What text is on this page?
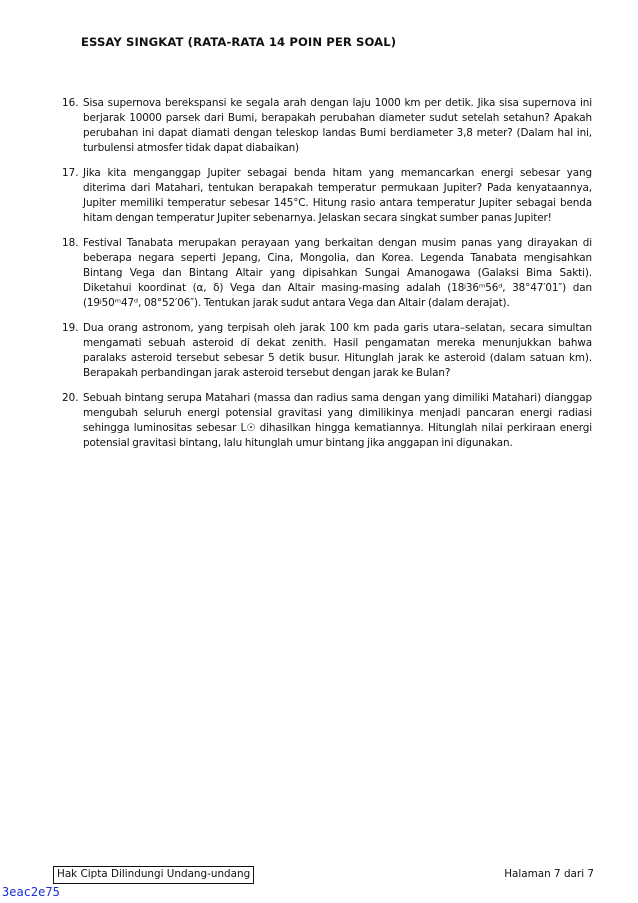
ESSAY SINGKAT (RATA-RATA 14 POIN PER SOAL)
16. Sisa supernova berekspansi ke segala arah dengan laju 1000 km per detik. Jika sisa supernova ini berjarak 10000 parsek dari Bumi, berapakah perubahan diameter sudut setelah setahun? Apakah perubahan ini dapat diamati dengan teleskop landas Bumi berdiameter 3,8 meter? (Dalam hal ini, turbulensi atmosfer tidak dapat diabaikan)
17. Jika kita menganggap Jupiter sebagai benda hitam yang memancarkan energi sebesar yang diterima dari Matahari, tentukan berapakah temperatur permukaan Jupiter? Pada kenyataannya, Jupiter memiliki temperatur sebesar 145°C. Hitung rasio antara temperatur Jupiter sebagai benda hitam dengan temperatur Jupiter sebenarnya. Jelaskan secara singkat sumber panas Jupiter!
18. Festival Tanabata merupakan perayaan yang berkaitan dengan musim panas yang dirayakan di beberapa negara seperti Jepang, Cina, Mongolia, dan Korea. Legenda Tanabata mengisahkan Bintang Vega dan Bintang Altair yang dipisahkan Sungai Amanogawa (Galaksi Bima Sakti). Diketahui koordinat (α, δ) Vega dan Altair masing-masing adalah (18ʲ36ᵐ56ᵈ, 38°47′01″) dan (19ʲ50ᵐ47ᵈ, 08°52′06″). Tentukan jarak sudut antara Vega dan Altair (dalam derajat).
19. Dua orang astronom, yang terpisah oleh jarak 100 km pada garis utara–selatan, secara simultan mengamati sebuah asteroid di dekat zenith. Hasil pengamatan mereka menunjukkan bahwa paralaks asteroid tersebut sebesar 5 detik busur. Hitunglah jarak ke asteroid (dalam satuan km). Berapakah perbandingan jarak asteroid tersebut dengan jarak ke Bulan?
20. Sebuah bintang serupa Matahari (massa dan radius sama dengan yang dimiliki Matahari) dianggap mengubah seluruh energi potensial gravitasi yang dimilikinya menjadi pancaran energi radiasi sehingga luminositas sebesar L☉ dihasilkan hingga kematiannya. Hitunglah nilai perkiraan energi potensial gravitasi bintang, lalu hitunglah umur bintang jika anggapan ini digunakan.
Hak Cipta Dilindungi Undang-undang	Halaman 7 dari 7
3eac2e75
